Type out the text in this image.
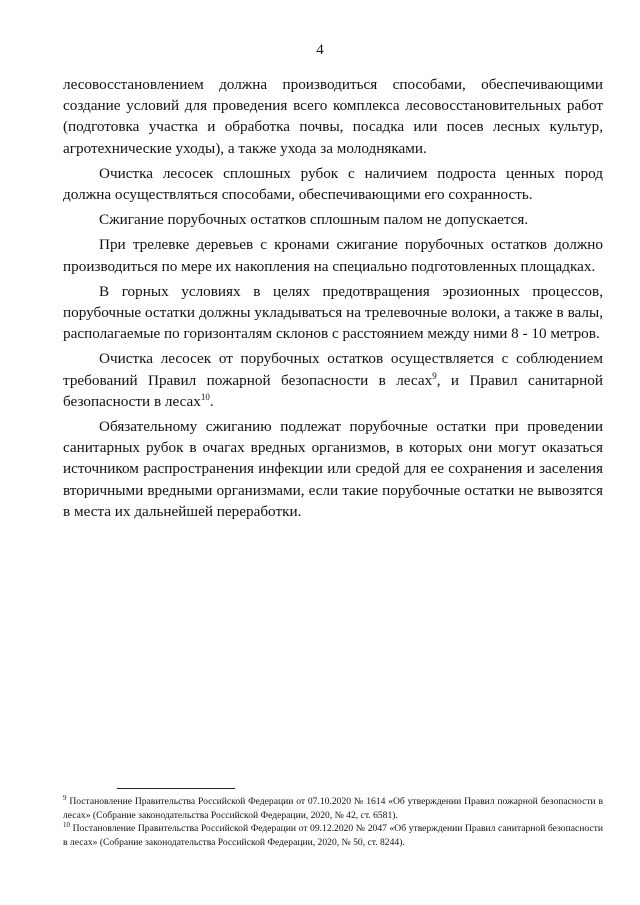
4

лесовосстановлением должна производиться способами, обеспечивающими создание условий для проведения всего комплекса лесовосстановительных работ (подготовка участка и обработка почвы, посадка или посев лесных культур, агротехнические уходы), а также ухода за молодняками.

Очистка лесосек сплошных рубок с наличием подроста ценных пород должна осуществляться способами, обеспечивающими его сохранность.

Сжигание порубочных остатков сплошным палом не допускается.

При трелевке деревьев с кронами сжигание порубочных остатков должно производиться по мере их накопления на специально подготовленных площадках.

В горных условиях в целях предотвращения эрозионных процессов, порубочные остатки должны укладываться на трелевочные волоки, а также в валы, располагаемые по горизонталям склонов с расстоянием между ними 8 - 10 метров.

Очистка лесосек от порубочных остатков осуществляется с соблюдением требований Правил пожарной безопасности в лесах$^9$, и Правил санитарной безопасности в лесах$^{10}$.

Обязательному сжиганию подлежат порубочные остатки при проведении санитарных рубок в очагах вредных организмов, в которых они могут оказаться источником распространения инфекции или средой для ее сохранения и заселения вторичными вредными организмами, если такие порубочные остатки не вывозятся в места их дальнейшей переработки.

$^9$ Постановление Правительства Российской Федерации от 07.10.2020 № 1614 «Об утверждении Правил пожарной безопасности в лесах» (Собрание законодательства Российской Федерации, 2020, № 42, ст. 6581).

$^{10}$ Постановление Правительства Российской Федерации от 09.12.2020 № 2047 «Об утверждении Правил санитарной безопасности в лесах» (Собрание законодательства Российской Федерации, 2020, № 50, ст. 8244).
